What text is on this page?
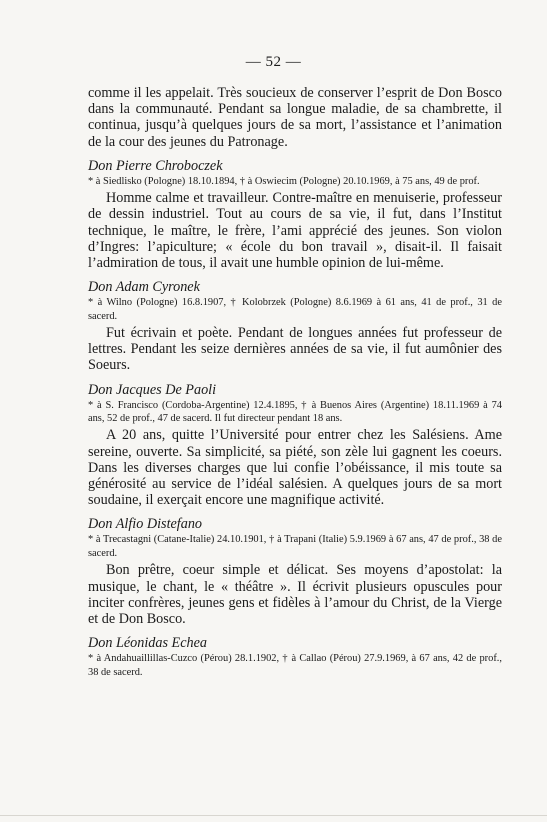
— 52 —

comme il les appelait. Très soucieux de conserver l’esprit de Don Bosco dans la communauté. Pendant sa longue maladie, de sa chambrette, il continua, jusqu’à quelques jours de sa mort, l’assistance et l’animation de la cour des jeunes du Patronage.

Don Pierre Chroboczek

* à Siedlisko (Pologne) 18.10.1894, † à Oswiecim (Pologne) 20.10.1969, à 75 ans, 49 de prof.

Homme calme et travailleur. Contre-maître en menuiserie, professeur de dessin industriel. Tout au cours de sa vie, il fut, dans l’Institut technique, le maître, le frère, l’ami apprécié des jeunes. Son violon d’Ingres: l’apiculture; « école du bon travail », disait-il. Il faisait l’admiration de tous, il avait une humble opinion de lui-même.

Don Adam Cyronek

* à Wilno (Pologne) 16.8.1907, † Kolobrzek (Pologne) 8.6.1969 à 61 ans, 41 de prof., 31 de sacerd.

Fut écrivain et poète. Pendant de longues années fut professeur de lettres. Pendant les seize dernières années de sa vie, il fut aumônier des Soeurs.

Don Jacques De Paoli

* à S. Francisco (Cordoba-Argentine) 12.4.1895, † à Buenos Aires (Argentine) 18.11.1969 à 74 ans, 52 de prof., 47 de sacerd. Il fut directeur pendant 18 ans.

A 20 ans, quitte l’Université pour entrer chez les Salésiens. Ame sereine, ouverte. Sa simplicité, sa piété, son zèle lui gagnent les coeurs. Dans les diverses charges que lui confie l’obéissance, il mis toute sa générosité au service de l’idéal salésien. A quelques jours de sa mort soudaine, il exerçait encore une magnifique activité.

Don Alfio Distefano

* à Trecastagni (Catane-Italie) 24.10.1901, † à Trapani (Italie) 5.9.1969 à 67 ans, 47 de prof., 38 de sacerd.

Bon prêtre, coeur simple et délicat. Ses moyens d’apostolat: la musique, le chant, le « théâtre ». Il écrivit plusieurs opuscules pour inciter confrères, jeunes gens et fidèles à l’amour du Christ, de la Vierge et de Don Bosco.

Don Léonidas Echea

* à Andahuaillillas-Cuzco (Pérou) 28.1.1902, † à Callao (Pérou) 27.9.1969, à 67 ans, 42 de prof., 38 de sacerd.
